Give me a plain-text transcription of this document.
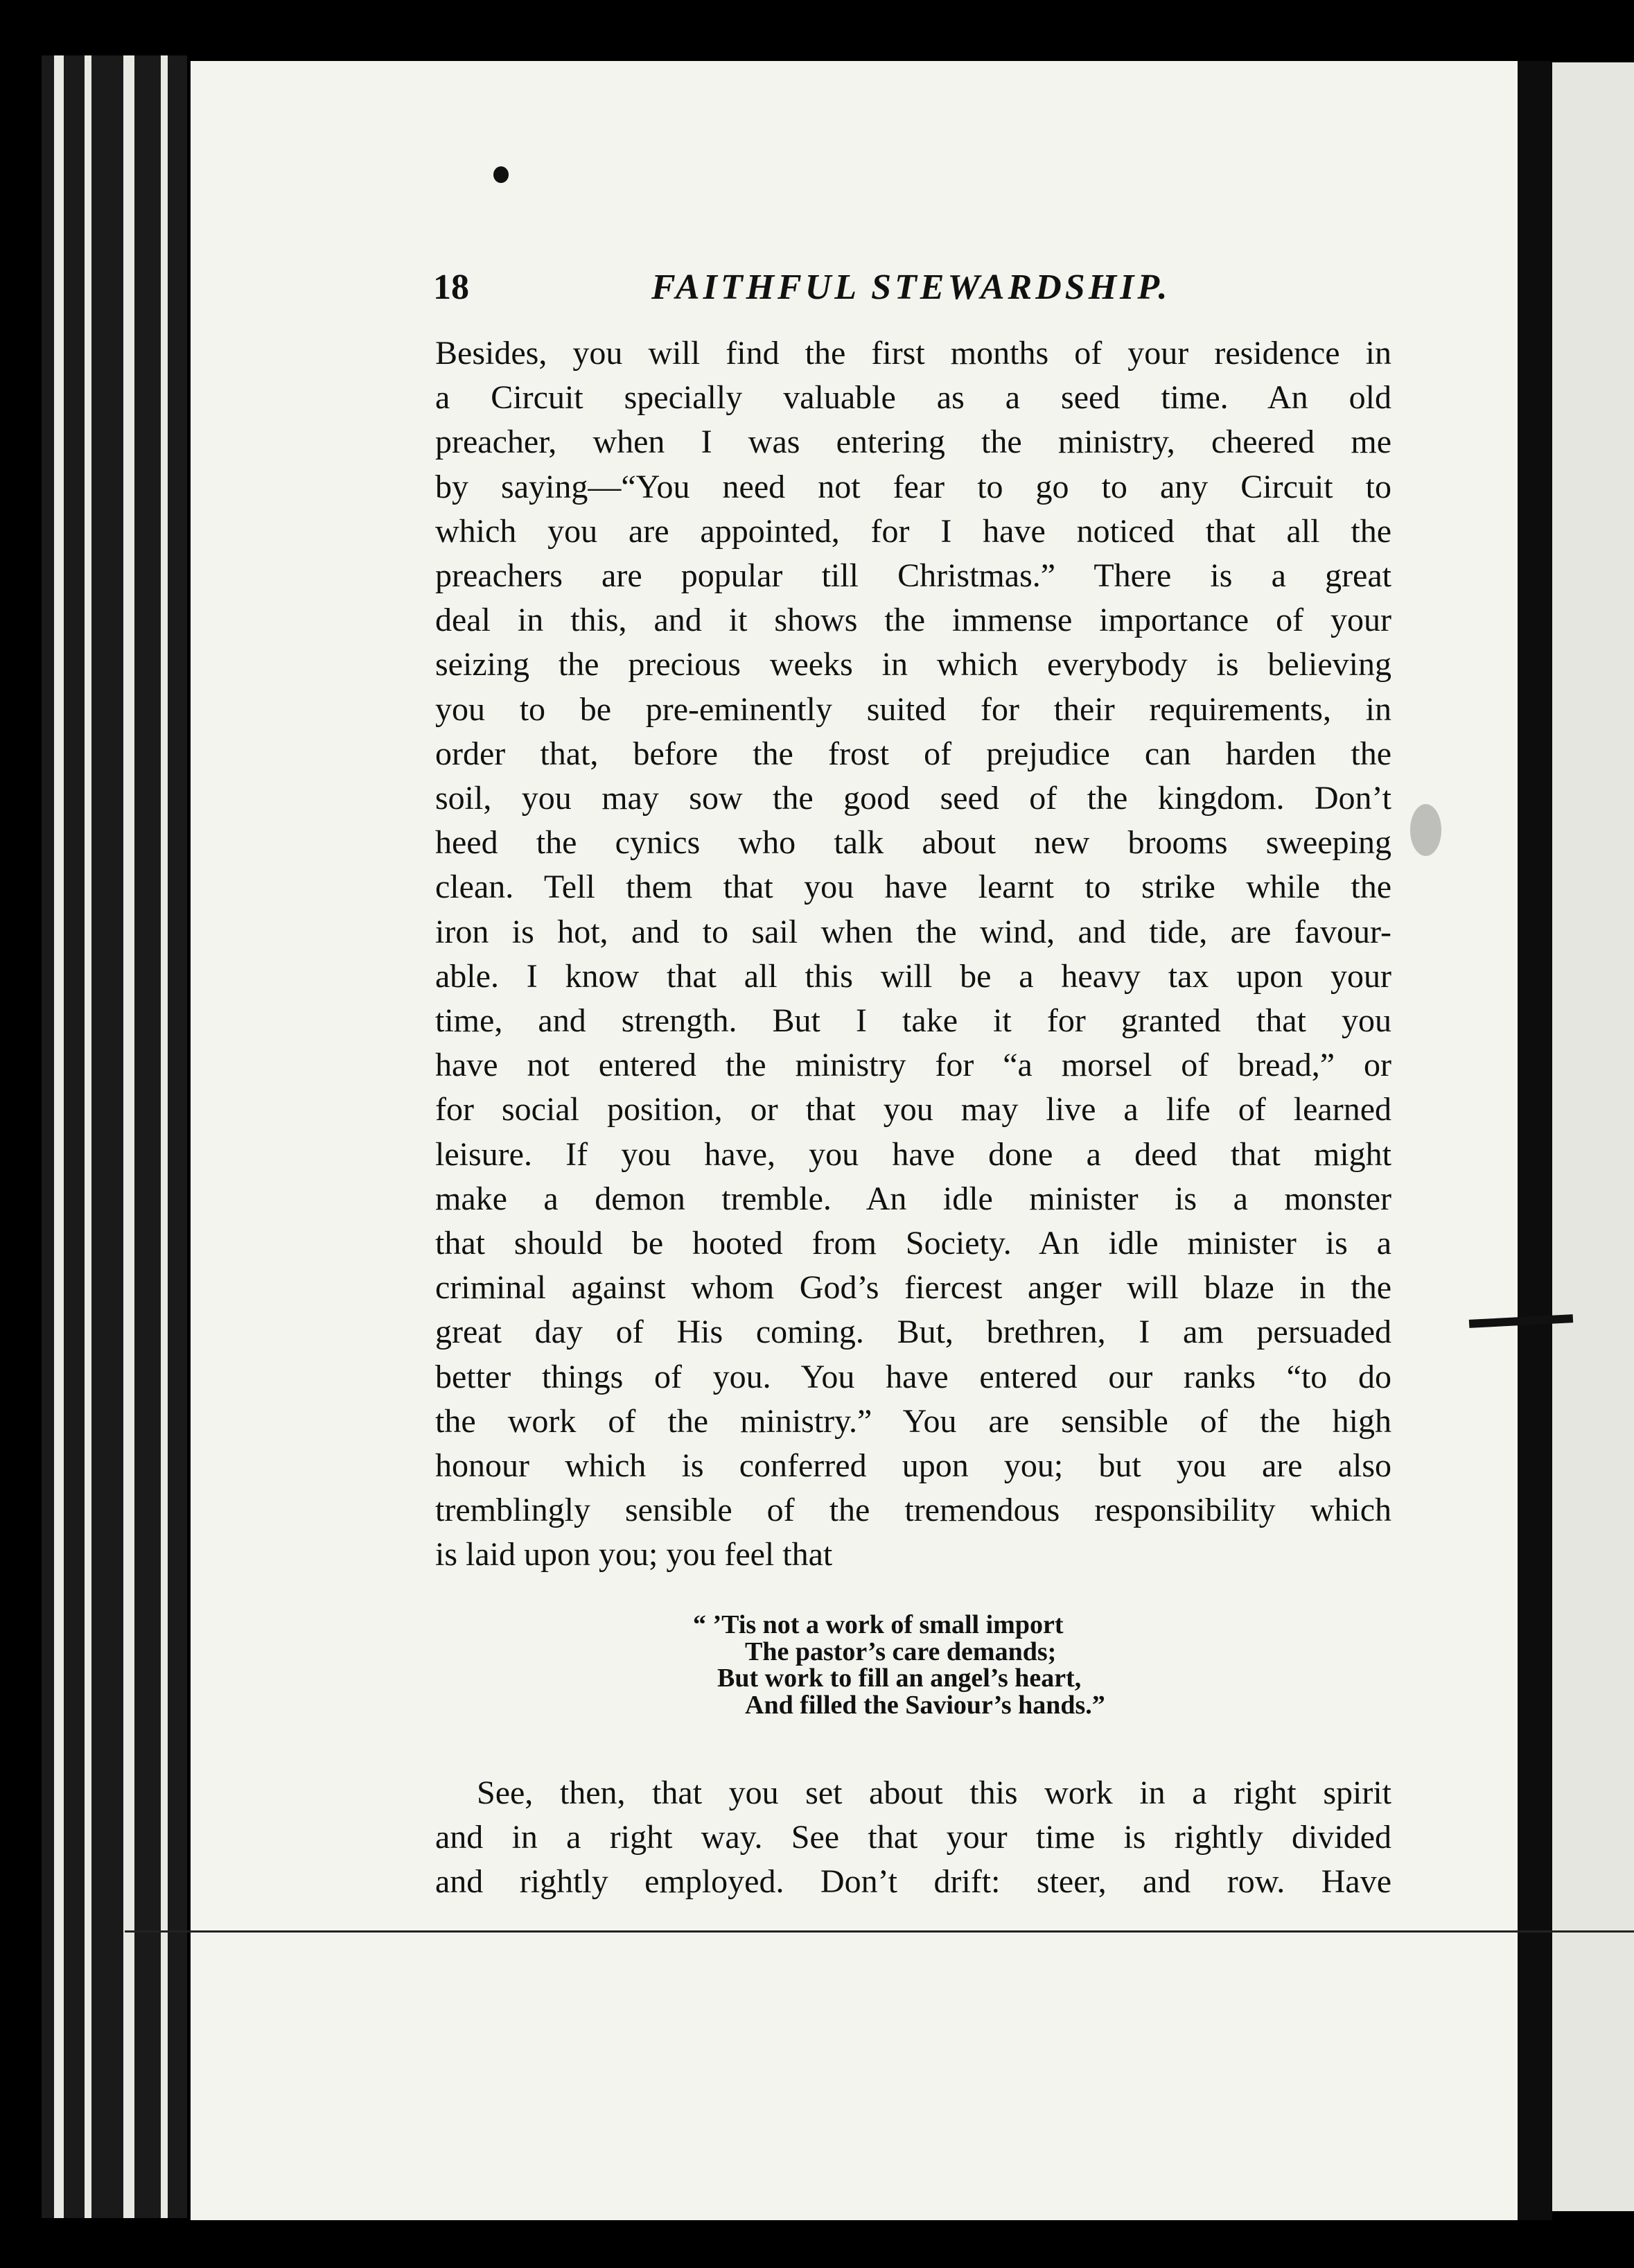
18	FAITHFUL STEWARDSHIP.
Besides, you will find the first months of your residence in
a Circuit specially valuable as a seed time. An old
preacher, when I was entering the ministry, cheered me
by saying—“You need not fear to go to any Circuit to
which you are appointed, for I have noticed that all the
preachers are popular till Christmas.” There is a great
deal in this, and it shows the immense importance of your
seizing the precious weeks in which everybody is believing
you to be pre-eminently suited for their requirements, in
order that, before the frost of prejudice can harden the
soil, you may sow the good seed of the kingdom. Don’t
heed the cynics who talk about new brooms sweeping
clean. Tell them that you have learnt to strike while the
iron is hot, and to sail when the wind, and tide, are favour-
able. I know that all this will be a heavy tax upon your
time, and strength. But I take it for granted that you
have not entered the ministry for “a morsel of bread,” or
for social position, or that you may live a life of learned
leisure. If you have, you have done a deed that might
make a demon tremble. An idle minister is a monster
that should be hooted from Society. An idle minister is a
criminal against whom God’s fiercest anger will blaze in the
great day of His coming. But, brethren, I am persuaded
better things of you. You have entered our ranks “to do
the work of the ministry.” You are sensible of the high
honour which is conferred upon you; but you are also
tremblingly sensible of the tremendous responsibility which
is laid upon you; you feel that
“ ’Tis not a work of small import
The pastor’s care demands;
But work to fill an angel’s heart,
And filled the Saviour’s hands.”
See, then, that you set about this work in a right spirit
and in a right way. See that your time is rightly divided
and rightly employed. Don’t drift: steer, and row. Have
